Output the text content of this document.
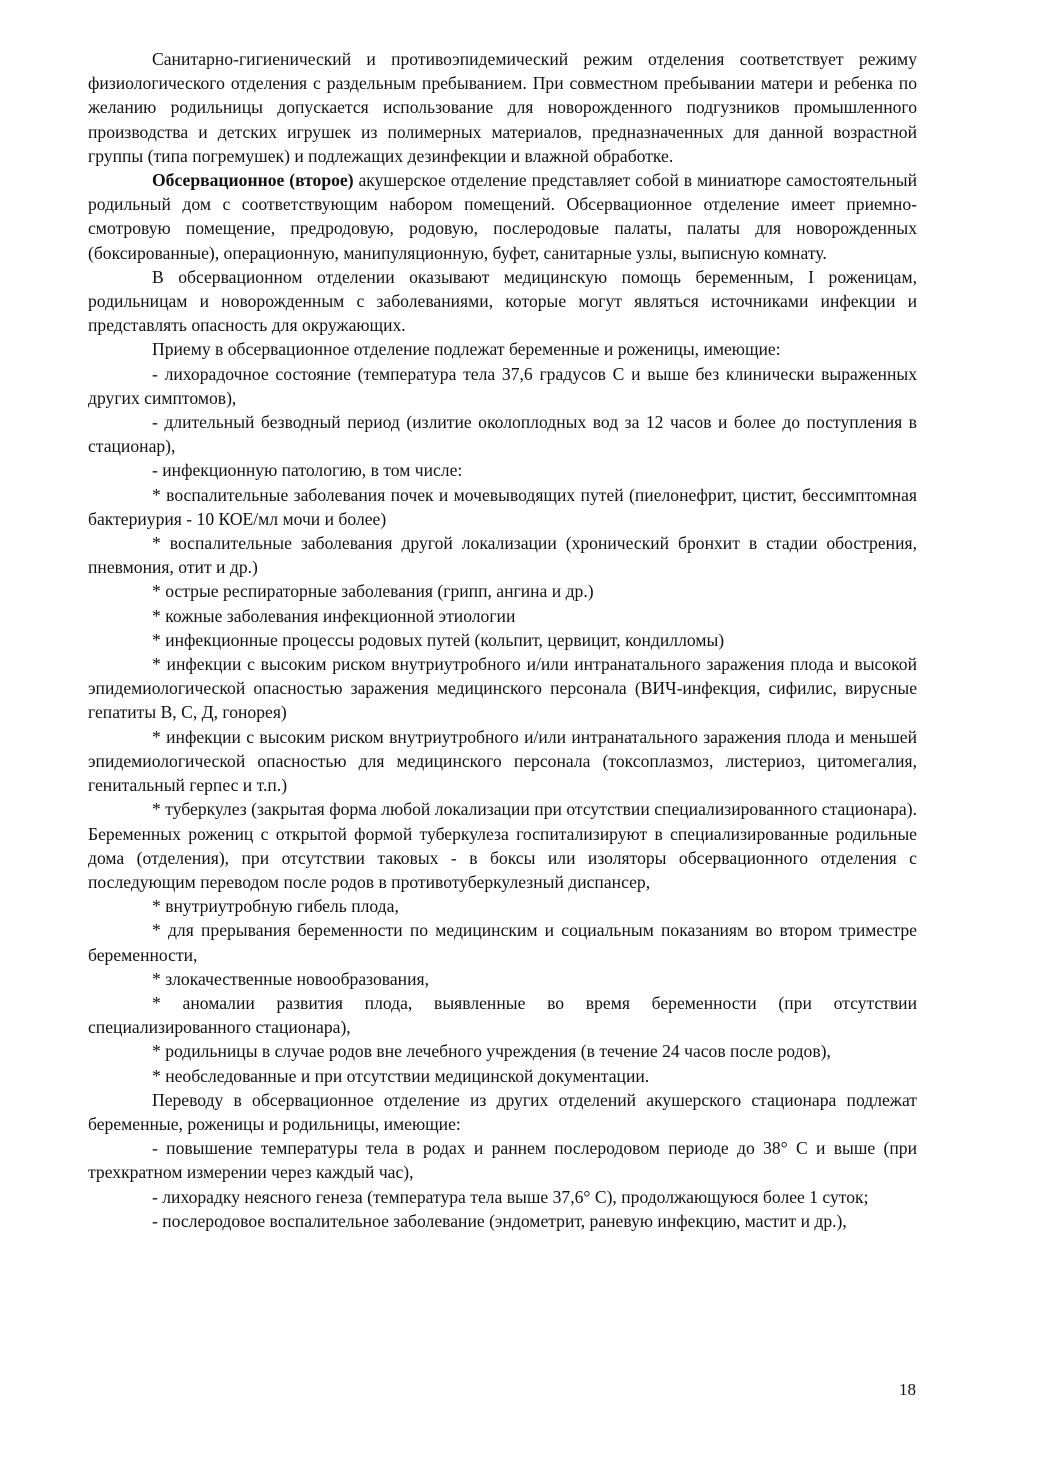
Санитарно-гигиенический и противоэпидемический режим отделения соответствует режиму физиологического отделения с раздельным пребыванием. При совместном пребывании матери и ребенка по желанию родильницы допускается использование для новорожденного подгузников промышленного производства и детских игрушек из полимерных материалов, предназначенных для данной возрастной группы (типа погремушек) и подлежащих дезинфекции и влажной обработке.

Обсервационное (второе) акушерское отделение представляет собой в миниатюре самостоятельный родильный дом с соответствующим набором помещений. Обсервационное отделение имеет приемно-смотровую помещение, предродовую, родовую, послеродовые палаты, палаты для новорожденных (боксированные), операционную, манипуляционную, буфет, санитарные узлы, выписную комнату.

В обсервационном отделении оказывают медицинскую помощь беременным, I роженицам, родильницам и новорожденным с заболеваниями, которые могут являться источниками инфекции и представлять опасность для окружающих.

Приему в обсервационное отделение подлежат беременные и роженицы, имеющие:

- лихорадочное состояние (температура тела 37,6 градусов С и выше без клинически выраженных других симптомов),

- длительный безводный период (излитие околоплодных вод за 12 часов и более до поступления в стационар),

- инфекционную патологию, в том числе:

* воспалительные заболевания почек и мочевыводящих путей (пиелонефрит, цистит, бессимптомная бактериурия - 10 КОЕ/мл мочи и более)

* воспалительные заболевания другой локализации (хронический бронхит в стадии обострения, пневмония, отит и др.)

* острые респираторные заболевания (грипп, ангина и др.)

* кожные заболевания инфекционной этиологии

* инфекционные процессы родовых путей (кольпит, цервицит, кондилломы)

* инфекции с высоким риском внутриутробного и/или интранатального заражения плода и высокой эпидемиологической опасностью заражения медицинского персонала (ВИЧ-инфекция, сифилис, вирусные гепатиты В, С, Д, гонорея)

* инфекции с высоким риском внутриутробного и/или интранатального заражения плода и меньшей эпидемиологической опасностью для медицинского персонала (токсоплазмоз, листериоз, цитомегалия, генитальный герпес и т.п.)

* туберкулез (закрытая форма любой локализации при отсутствии специализированного стационара). Беременных рожениц с открытой формой туберкулеза госпитализируют в специализированные родильные дома (отделения), при отсутствии таковых - в боксы или изоляторы обсервационного отделения с последующим переводом после родов в противотуберкулезный диспансер,

* внутриутробную гибель плода,

* для прерывания беременности по медицинским и социальным показаниям во втором триместре беременности,

* злокачественные новообразования,

* аномалии развития плода, выявленные во время беременности (при отсутствии специализированного стационара),

* родильницы в случае родов вне лечебного учреждения (в течение 24 часов после родов),

* необследованные и при отсутствии медицинской документации.

Переводу в обсервационное отделение из других отделений акушерского стационара подлежат беременные, роженицы и родильницы, имеющие:

- повышение температуры тела в родах и раннем послеродовом периоде до 38° С и выше (при трехкратном измерении через каждый час),

- лихорадку неясного генеза (температура тела выше 37,6° С), продолжающуюся более 1 суток;

- послеродовое воспалительное заболевание (эндометрит, раневую инфекцию, мастит и др.),

18
